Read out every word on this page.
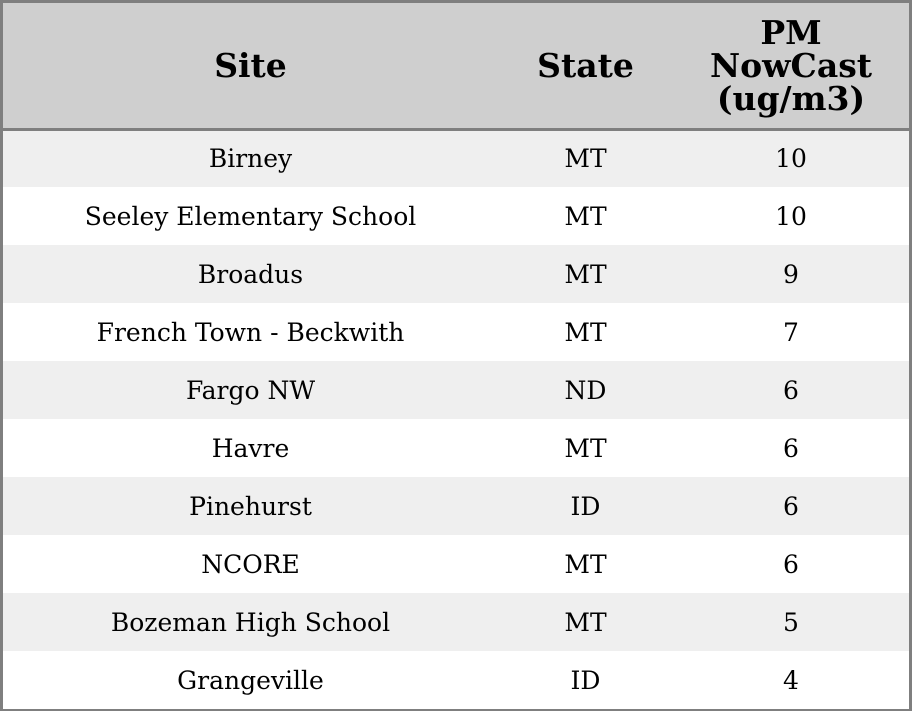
Site	State	PM
NowCast
(ug/m3)
Birney	MT	10
Seeley Elementary School	MT	10
Broadus	MT	9
French Town - Beckwith	MT	7
Fargo NW	ND	6
Havre	MT	6
Pinehurst	ID	6
NCORE	MT	6
Bozeman High School	MT	5
Grangeville	ID	4
